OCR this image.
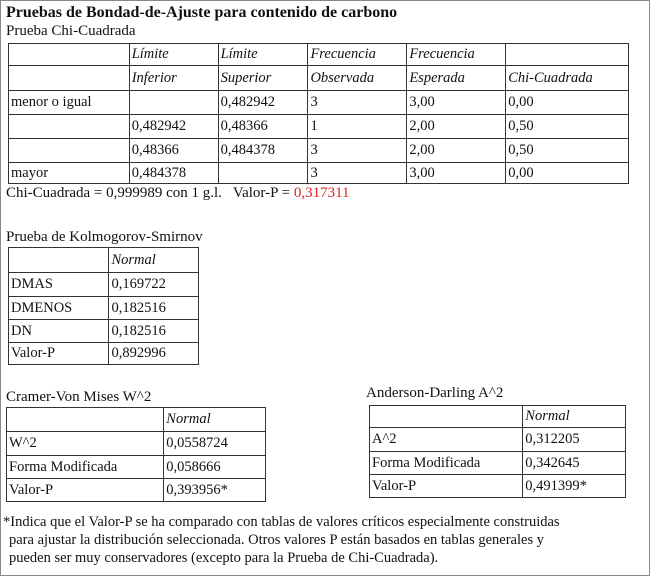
Pruebas de Bondad-de-Ajuste para contenido de carbono
Prueba Chi-Cuadrada
	Límite	Límite	Frecuencia	Frecuencia	
	Inferior	Superior	Observada	Esperada	Chi-Cuadrada
menor o igual		0,482942	3	3,00	0,00
	0,482942	0,48366	1	2,00	0,50
	0,48366	0,484378	3	2,00	0,50
mayor	0,484378		3	3,00	0,00
Chi-Cuadrada = 0,999989 con 1 g.l.   Valor-P = 0,317311
Prueba de Kolmogorov-Smirnov
	Normal
DMAS	0,169722
DMENOS	0,182516
DN	0,182516
Valor-P	0,892996
Cramer-Von Mises W^2
	Normal
W^2	0,0558724
Forma Modificada	0,058666
Valor-P	0,393956*
Anderson-Darling A^2
	Normal
A^2	0,312205
Forma Modificada	0,342645
Valor-P	0,491399*
*Indica que el Valor-P se ha comparado con tablas de valores críticos especialmente construidas
para ajustar la distribución seleccionada. Otros valores P están basados en tablas generales y
pueden ser muy conservadores (excepto para la Prueba de Chi-Cuadrada).
